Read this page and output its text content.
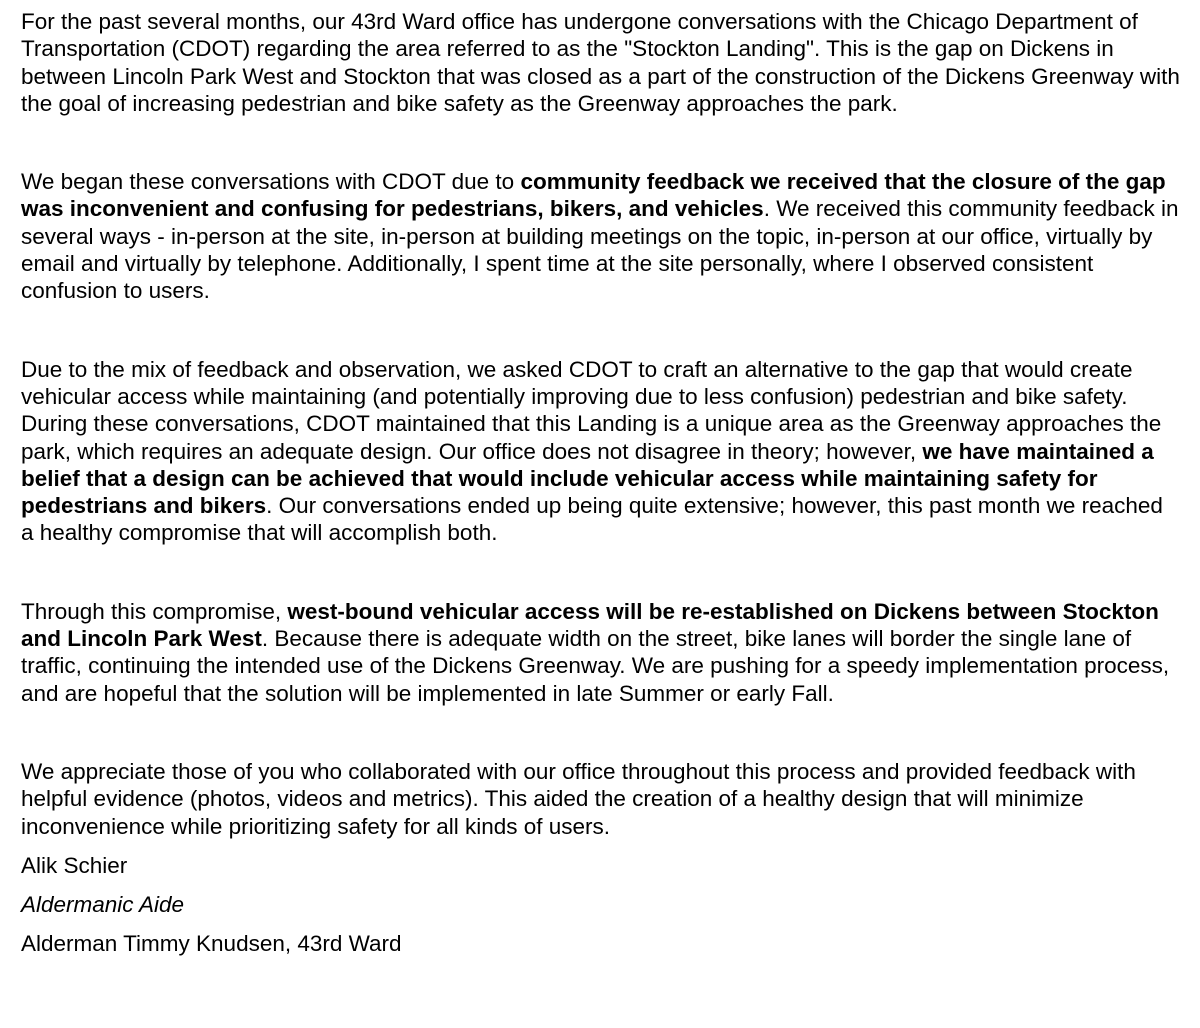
For the past several months, our 43rd Ward office has undergone conversations with the Chicago Department of Transportation (CDOT) regarding the area referred to as the "Stockton Landing". This is the gap on Dickens in between Lincoln Park West and Stockton that was closed as a part of the construction of the Dickens Greenway with the goal of increasing pedestrian and bike safety as the Greenway approaches the park.

We began these conversations with CDOT due to community feedback we received that the closure of the gap was inconvenient and confusing for pedestrians, bikers, and vehicles. We received this community feedback in several ways - in-person at the site, in-person at building meetings on the topic, in-person at our office, virtually by email and virtually by telephone. Additionally, I spent time at the site personally, where I observed consistent confusion to users.

Due to the mix of feedback and observation, we asked CDOT to craft an alternative to the gap that would create vehicular access while maintaining (and potentially improving due to less confusion) pedestrian and bike safety. During these conversations, CDOT maintained that this Landing is a unique area as the Greenway approaches the park, which requires an adequate design. Our office does not disagree in theory; however, we have maintained a belief that a design can be achieved that would include vehicular access while maintaining safety for pedestrians and bikers. Our conversations ended up being quite extensive; however, this past month we reached a healthy compromise that will accomplish both.

Through this compromise, west-bound vehicular access will be re-established on Dickens between Stockton and Lincoln Park West. Because there is adequate width on the street, bike lanes will border the single lane of traffic, continuing the intended use of the Dickens Greenway. We are pushing for a speedy implementation process, and are hopeful that the solution will be implemented in late Summer or early Fall.

We appreciate those of you who collaborated with our office throughout this process and provided feedback with helpful evidence (photos, videos and metrics). This aided the creation of a healthy design that will minimize inconvenience while prioritizing safety for all kinds of users.

Alik Schier

Aldermanic Aide

Alderman Timmy Knudsen, 43rd Ward
